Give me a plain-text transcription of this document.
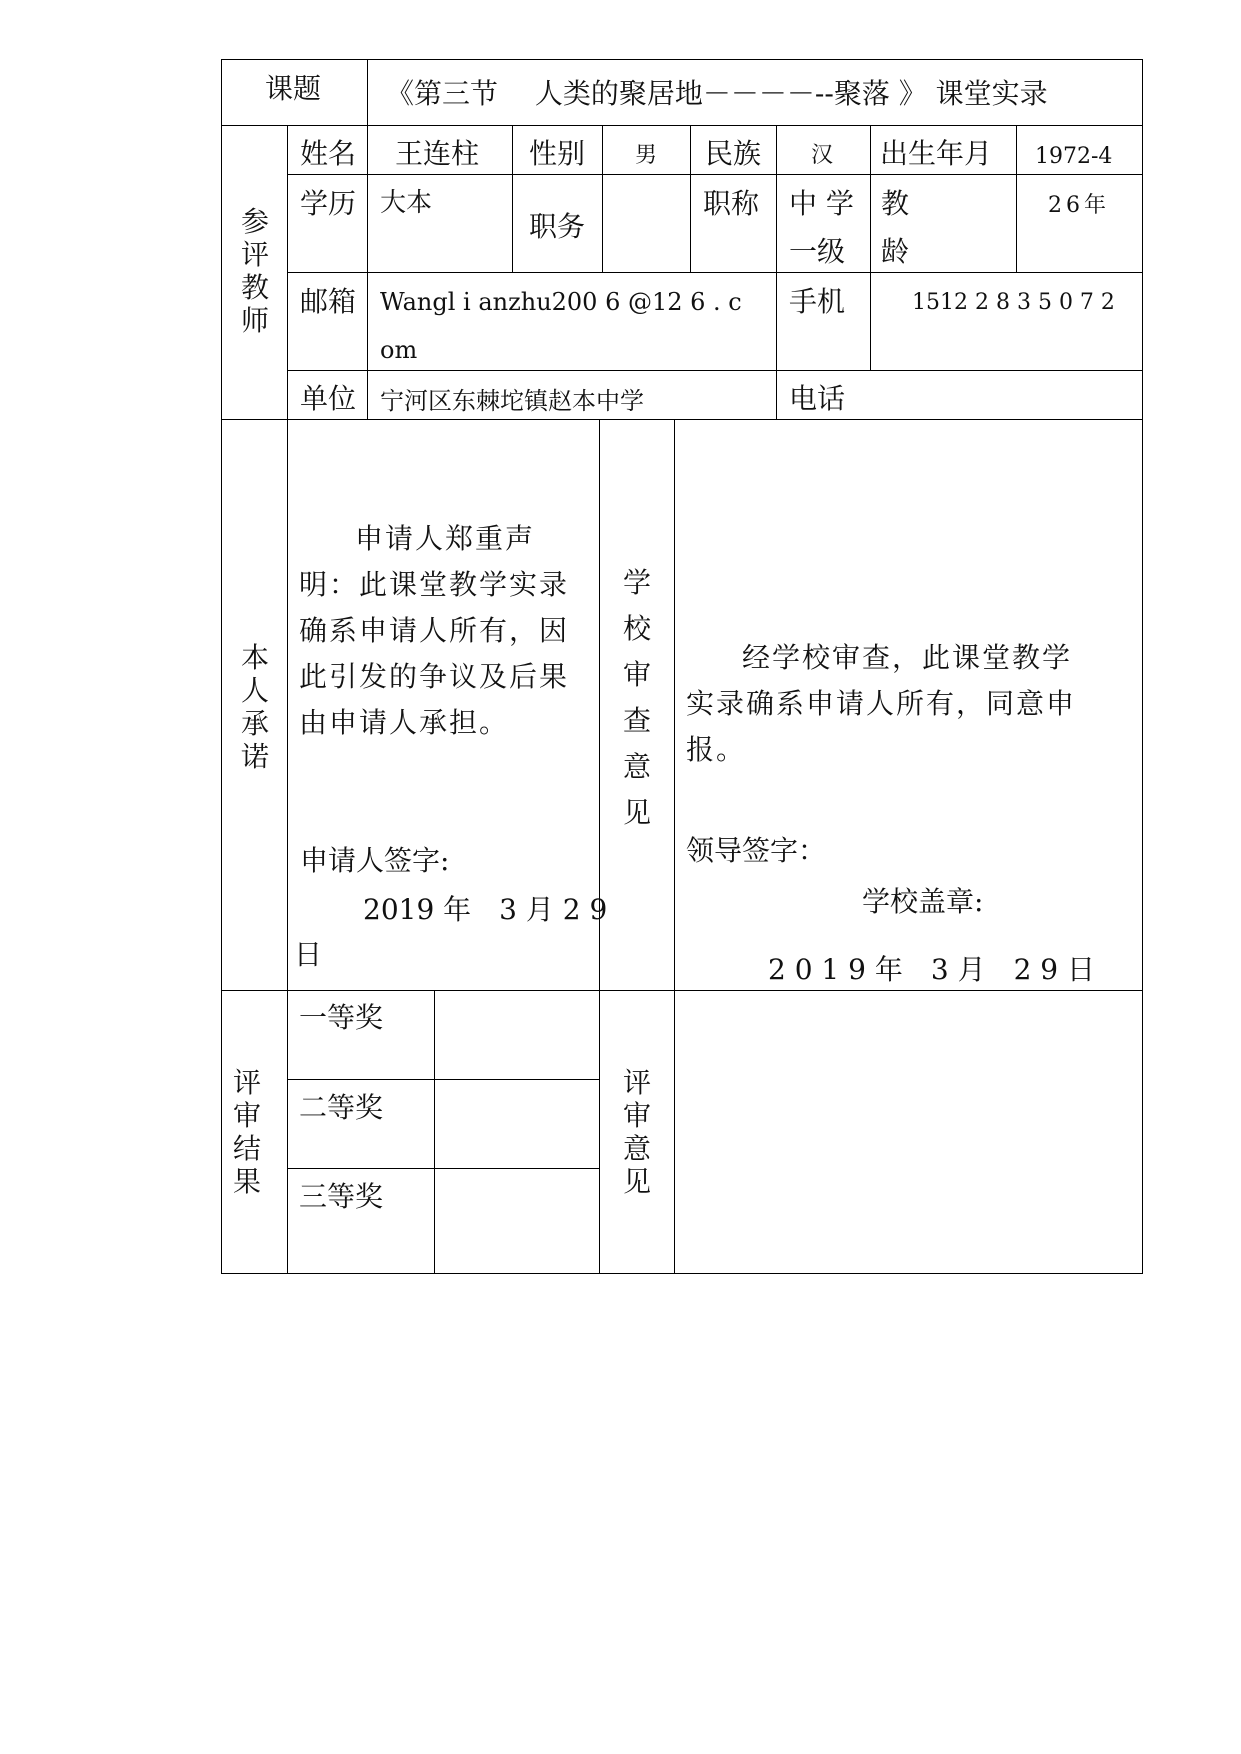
课题 《第三节　 人类的聚居地－－－－--聚落 》 课堂实录
参评教师
姓名 王连柱 性别 男 民族 汉 出生年月 1972-4
学历 大本
职务
职称 中 学
一级
教
龄
26年
邮箱 Wangl i anzhu200 6 @12 6 . c
om
手机	1512 2 8 3 5 0 7 2
单位 宁河区东棘坨镇赵本中学	电话
本人承诺
申请人郑重声明：此课堂教学实录确系申请人所有，因此引发的争议及后果由申请人承担。
申请人签字:
2019 年　3 月 2 9
日
学校审查意见
经学校审查，此课堂教学实录确系申请人所有，同意申报。
领导签字：
学校盖章:
2 0 1 9 年　3 月　2 9 日
评审结果
一等奖
二等奖
三等奖
评审意见
